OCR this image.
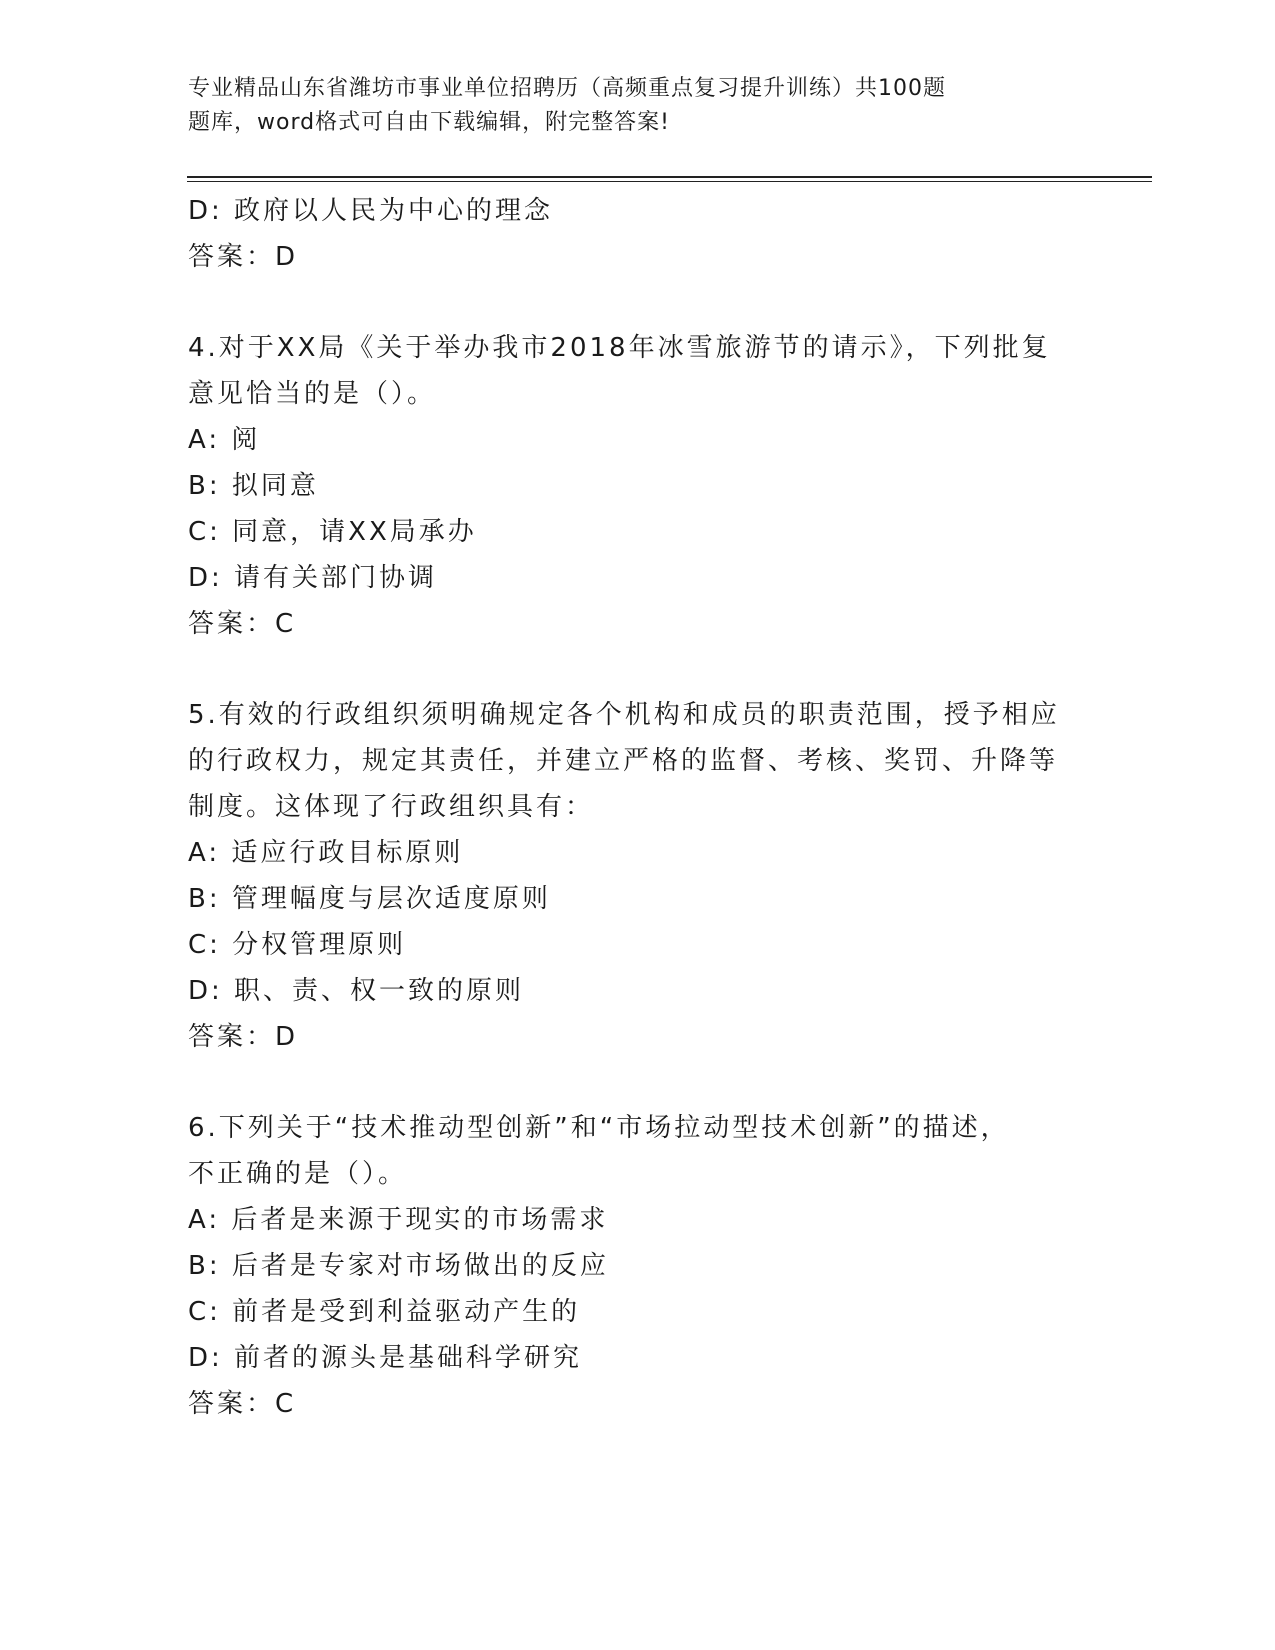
专业精品山东省潍坊市事业单位招聘历（高频重点复习提升训练）共100题
题库，word格式可自由下载编辑，附完整答案!
D: 政府以人民为中心的理念
答案：D
4.对于XX局《关于举办我市2018年冰雪旅游节的请示》，下列批复
意见恰当的是（）。
A: 阅
B: 拟同意
C: 同意，请XX局承办
D: 请有关部门协调
答案：C
5.有效的行政组织须明确规定各个机构和成员的职责范围，授予相应
的行政权力，规定其责任，并建立严格的监督、考核、奖罚、升降等
制度。这体现了行政组织具有：
A: 适应行政目标原则
B: 管理幅度与层次适度原则
C: 分权管理原则
D: 职、责、权一致的原则
答案：D
6.下列关于“技术推动型创新”和“市场拉动型技术创新”的描述，
不正确的是（）。
A: 后者是来源于现实的市场需求
B: 后者是专家对市场做出的反应
C: 前者是受到利益驱动产生的
D: 前者的源头是基础科学研究
答案：C
